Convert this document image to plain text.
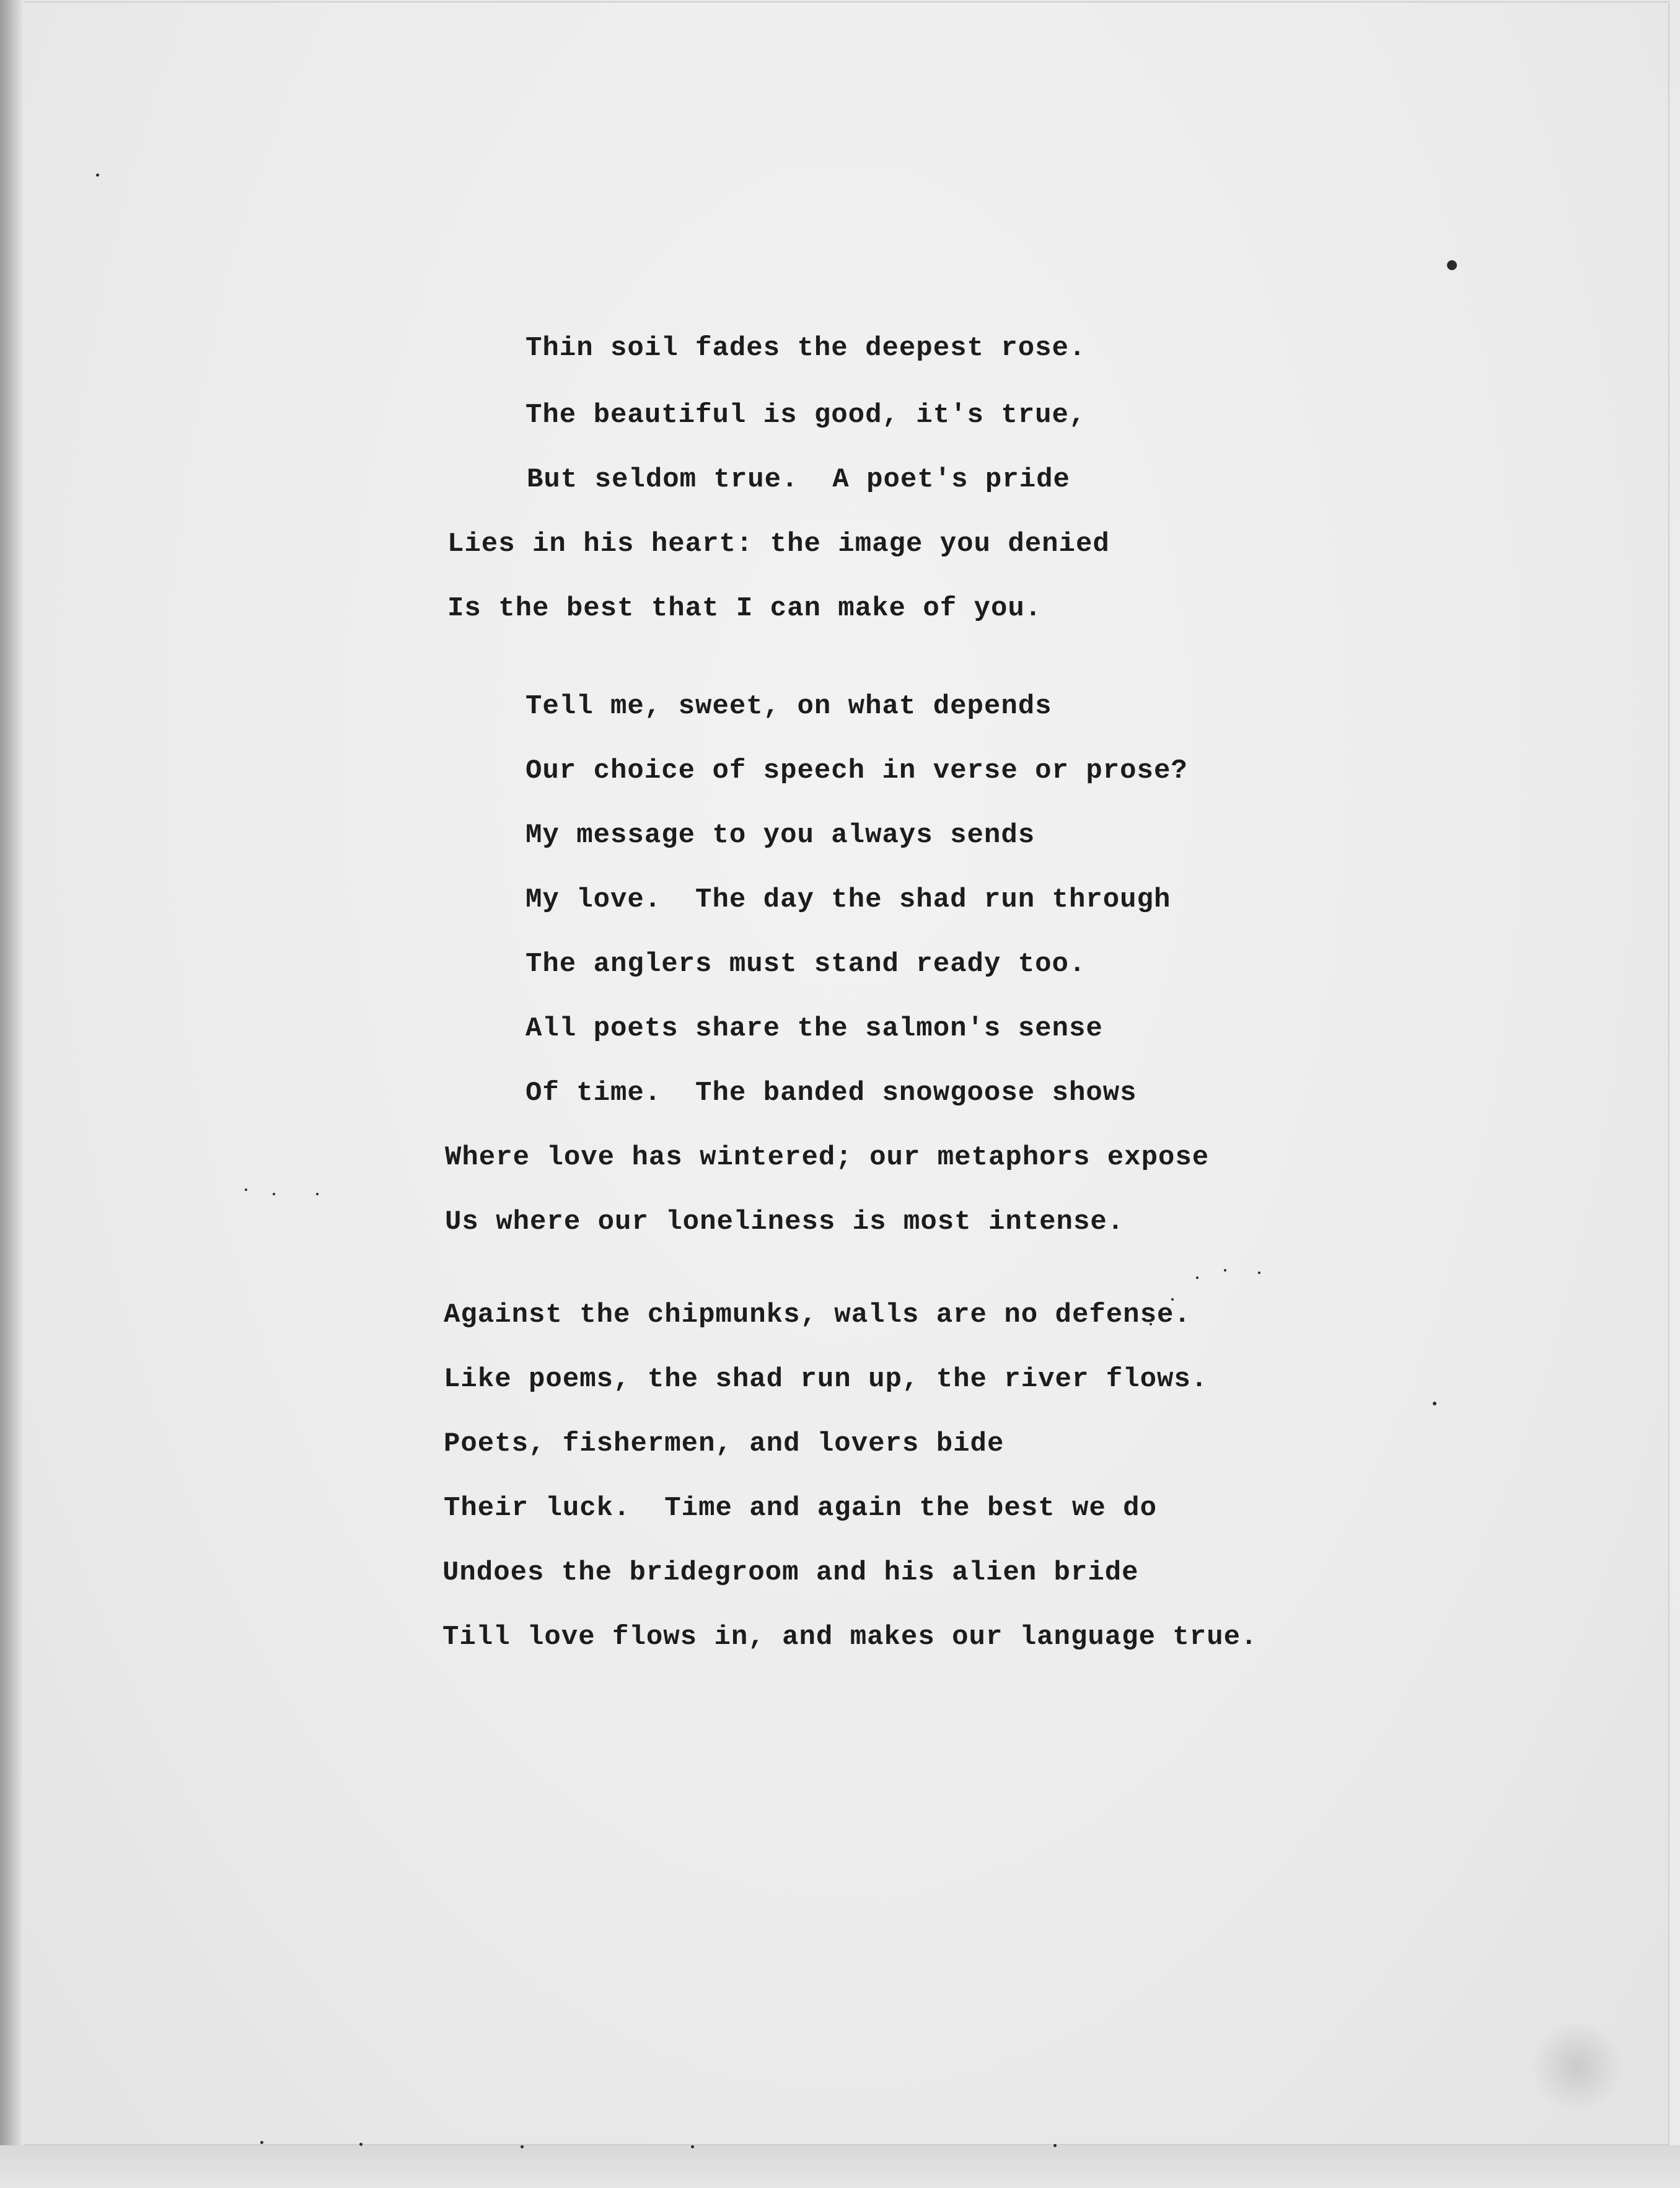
Thin soil fades the deepest rose.
The beautiful is good, it's true,
But seldom true.  A poet's pride
Lies in his heart: the image you denied
Is the best that I can make of you.
Tell me, sweet, on what depends
Our choice of speech in verse or prose?
My message to you always sends
My love.  The day the shad run through
The anglers must stand ready too.
All poets share the salmon's sense
Of time.  The banded snowgoose shows
Where love has wintered; our metaphors expose
Us where our loneliness is most intense.
Against the chipmunks, walls are no defense.
Like poems, the shad run up, the river flows.
Poets, fishermen, and lovers bide
Their luck.  Time and again the best we do
Undoes the bridegroom and his alien bride
Till love flows in, and makes our language true.
